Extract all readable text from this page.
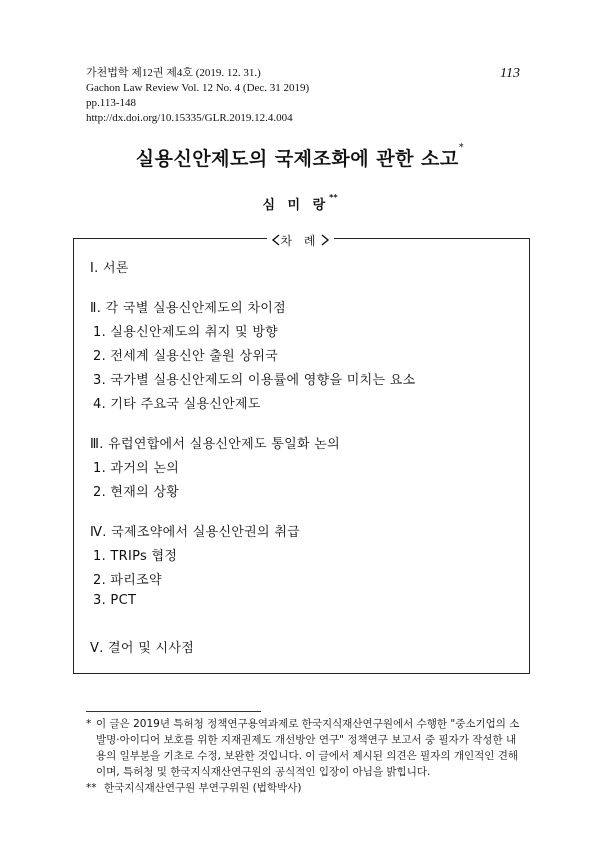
가천법학 제12권 제4호 (2019. 12. 31.)
Gachon Law Review Vol. 12 No. 4 (Dec. 31 2019)
pp.113-148
http://dx.doi.org/10.15335/GLR.2019.12.4.004
113
실용신안제도의 국제조화에 관한 소고*
심 미 랑**
차 례
Ⅰ. 서론
Ⅱ. 각 국별 실용신안제도의 차이점
1. 실용신안제도의 취지 및 방향
2. 전세계 실용신안 출원 상위국
3. 국가별 실용신안제도의 이용률에 영향을 미치는 요소
4. 기타 주요국 실용신안제도
Ⅲ. 유럽연합에서 실용신안제도 통일화 논의
1. 과거의 논의
2. 현재의 상황
Ⅳ. 국제조약에서 실용신안권의 취급
1. TRIPs 협정
2. 파리조약
3. PCT
Ⅴ. 결어 및 시사점
* 이 글은 2019년 특허청 정책연구용역과제로 한국지식재산연구원에서 수행한 "중소기업의 소
발명·아이디어 보호를 위한 지재권제도 개선방안 연구" 정책연구 보고서 중 필자가 작성한 내
용의 일부분을 기초로 수정, 보완한 것입니다. 이 글에서 제시된 의견은 필자의 개인적인 견해
이며, 특허청 및 한국지식재산연구원의 공식적인 입장이 아님을 밝힙니다.
** 한국지식재산연구원 부연구위원 (법학박사)
